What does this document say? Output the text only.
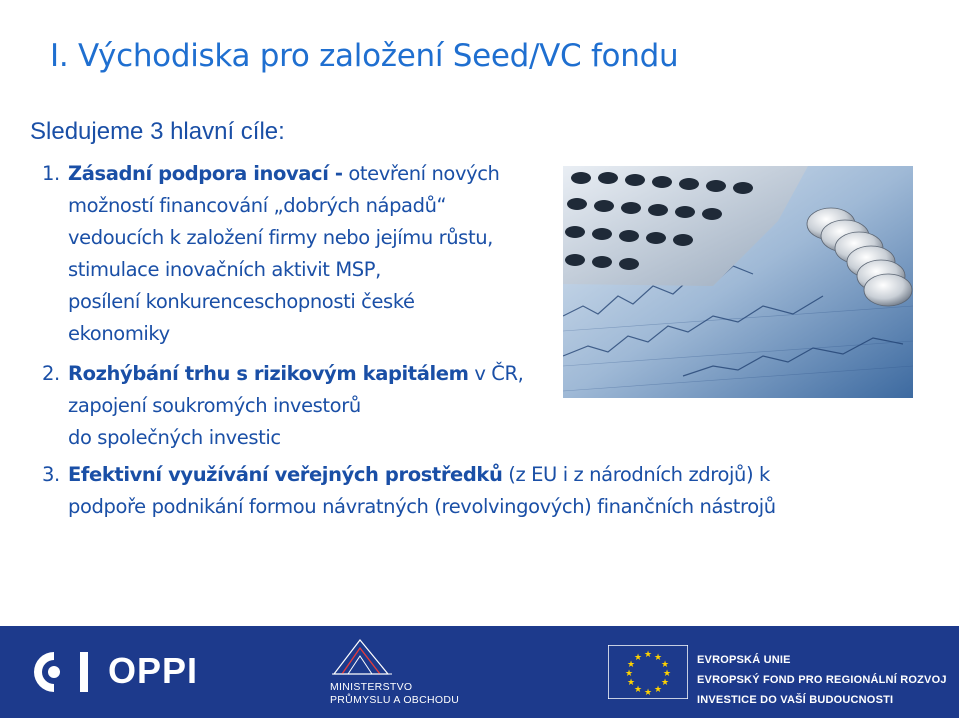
I. Východiska pro založení Seed/VC fondu
Sledujeme 3 hlavní cíle:
1. Zásadní podpora inovací - otevření nových
možností financování „dobrých nápadů“
vedoucích k založení firmy nebo jejímu růstu,
stimulace inovačních aktivit MSP,
posílení konkurenceschopnosti české
ekonomiky
2. Rozhýbání trhu s rizikovým kapitálem v ČR,
zapojení soukromých investorů
do společných investic
3. Efektivní využívání veřejných prostředků (z EU i z národních zdrojů) k
podpoře podnikání formou návratných (revolvingových) finančních nástrojů
OPPI	MINISTERSTVO
PRŮMYSLU A OBCHODU
★ ★
★
★
★
★
★
★
★
★
★
★	EVROPSKÁ UNIE
EVROPSKÝ FOND PRO REGIONÁLNÍ ROZVOJ
INVESTICE DO VAŠÍ BUDOUCNOSTI
